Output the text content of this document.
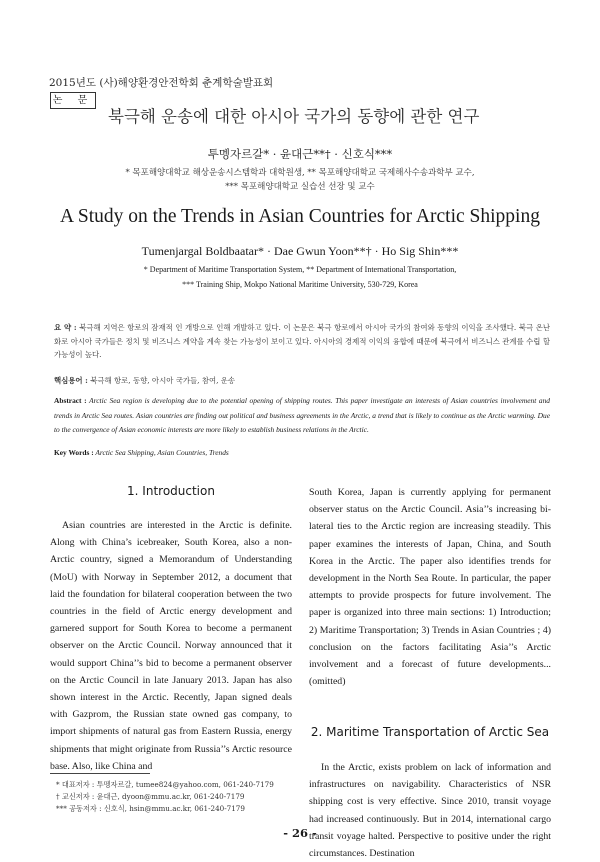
2015년도 (사)해양환경안전학회 춘계학술발표회
논 문
북극해 운송에 대한 아시아 국가의 동향에 관한 연구
투멩자르갈* · 윤대근**† · 신호식***
* 목포해양대학교 해상운송시스템학과 대학원생, ** 목포해양대학교 국제해사수송과학부 교수,
*** 목포해양대학교 실습선 선장 및 교수
A Study on the Trends in Asian Countries for Arctic Shipping
Tumenjargal Boldbaatar* · Dae Gwun Yoon**† · Ho Sig Shin***
* Department of Maritime Transportation System, ** Department of International Transportation,
*** Training Ship, Mokpo National Maritime University, 530-729, Korea

요 약 : 북극해 지역은 항로의 잠재적 인 개방으로 인해 개발하고 있다. 이 논문은 북극 항로에서 아시아 국가의 참여와 동향의 이익을 조사했다. 북극 온난화로 아시아 국가들은 정치 및 비즈니스 계약을 계속 찾는 가능성이 보이고 있다. 아시아의 경제적 이익의 융합에 때문에 북극에서 비즈니스 관계를 수립 할 가능성이 높다.

핵심용어 : 북극해 항로, 동향, 아시아 국가들, 참여, 운송

Abstract : Arctic Sea region is developing due to the potential opening of shipping routes. This paper investigate an interests of Asian countries involvement and trends in Arctic Sea routes. Asian countries are finding out political and business agreements in the Arctic, a trend that is likely to continue as the Arctic warming. Due to the convergence of Asian economic interests are more likely to establish business relations in the Arctic.

Key Words : Arctic Sea Shipping, Asian Countries, Trends

1. Introduction

Asian countries are interested in the Arctic is definite. Along with China’s icebreaker, South Korea, also a non-Arctic country, signed a Memorandum of Understanding (MoU) with Norway in September 2012, a document that laid the foundation for bilateral cooperation between the two countries in the field of Arctic energy development and garnered support for South Korea to become a permanent observer on the Arctic Council. Norway announced that it would support China’’s bid to become a permanent observer on the Arctic Council in late January 2013. Japan has also shown interest in the Arctic. Recently, Japan signed deals with Gazprom, the Russian state owned gas company, to import shipments of natural gas from Eastern Russia, energy shipments that might originate from Russia’’s Arctic resource base. Also, like China and

South Korea, Japan is currently applying for permanent observer status on the Arctic Council. Asia’’s increasing bi-lateral ties to the Arctic region are increasing steadily. This paper examines the interests of Japan, China, and South Korea in the Arctic. The paper also identifies trends for development in the North Sea Route. In particular, the paper attempts to provide prospects for future involvement. The paper is organized into three main sections: 1) Introduction; 2) Maritime Transportation; 3) Trends in Asian Countries ; 4) conclusion on the factors facilitating Asia’’s Arctic involvement and a forecast of future developments...(omitted)

2. Maritime Transportation of Arctic Sea

In the Arctic, exists problem on lack of information and infrastructures on navigability. Characteristics of NSR shipping cost is very effective. Since 2010, transit voyage had increased continuously. But in 2014, international cargo transit voyage halted. Perspective to positive under the right circumstances. Destination

* 대표저자 : 투멩자르갈, tumee824@yahoo.com, 061-240-7179
† 교신저자 : 윤대근, dyoon@mmu.ac.kr, 061-240-7179
*** 공동저자 : 신호식, hsin@mmu.ac.kr, 061-240-7179
- 26 -
